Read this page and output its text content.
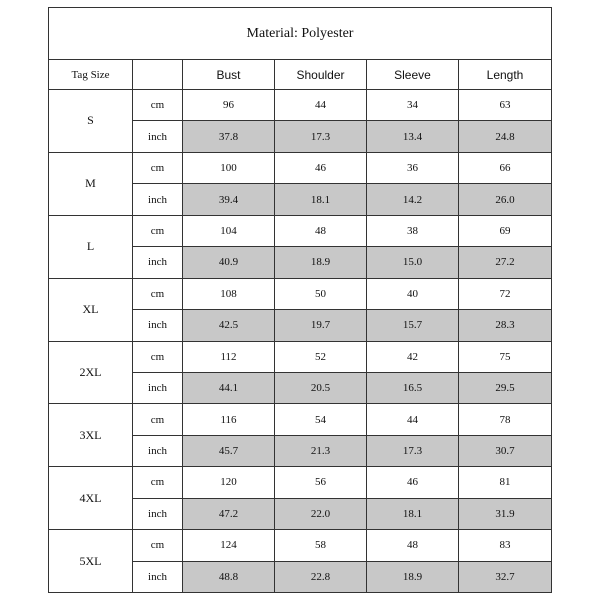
Material: Polyester					
Tag Size		Bust	Shoulder	Sleeve	Length
S	cm	96	44	34	63
	inch	37.8	17.3	13.4	24.8
M	cm	100	46	36	66
	inch	39.4	18.1	14.2	26.0
L	cm	104	48	38	69
	inch	40.9	18.9	15.0	27.2
XL	cm	108	50	40	72
	inch	42.5	19.7	15.7	28.3
2XL	cm	112	52	42	75
	inch	44.1	20.5	16.5	29.5
3XL	cm	116	54	44	78
	inch	45.7	21.3	17.3	30.7
4XL	cm	120	56	46	81
	inch	47.2	22.0	18.1	31.9
5XL	cm	124	58	48	83
	inch	48.8	22.8	18.9	32.7
